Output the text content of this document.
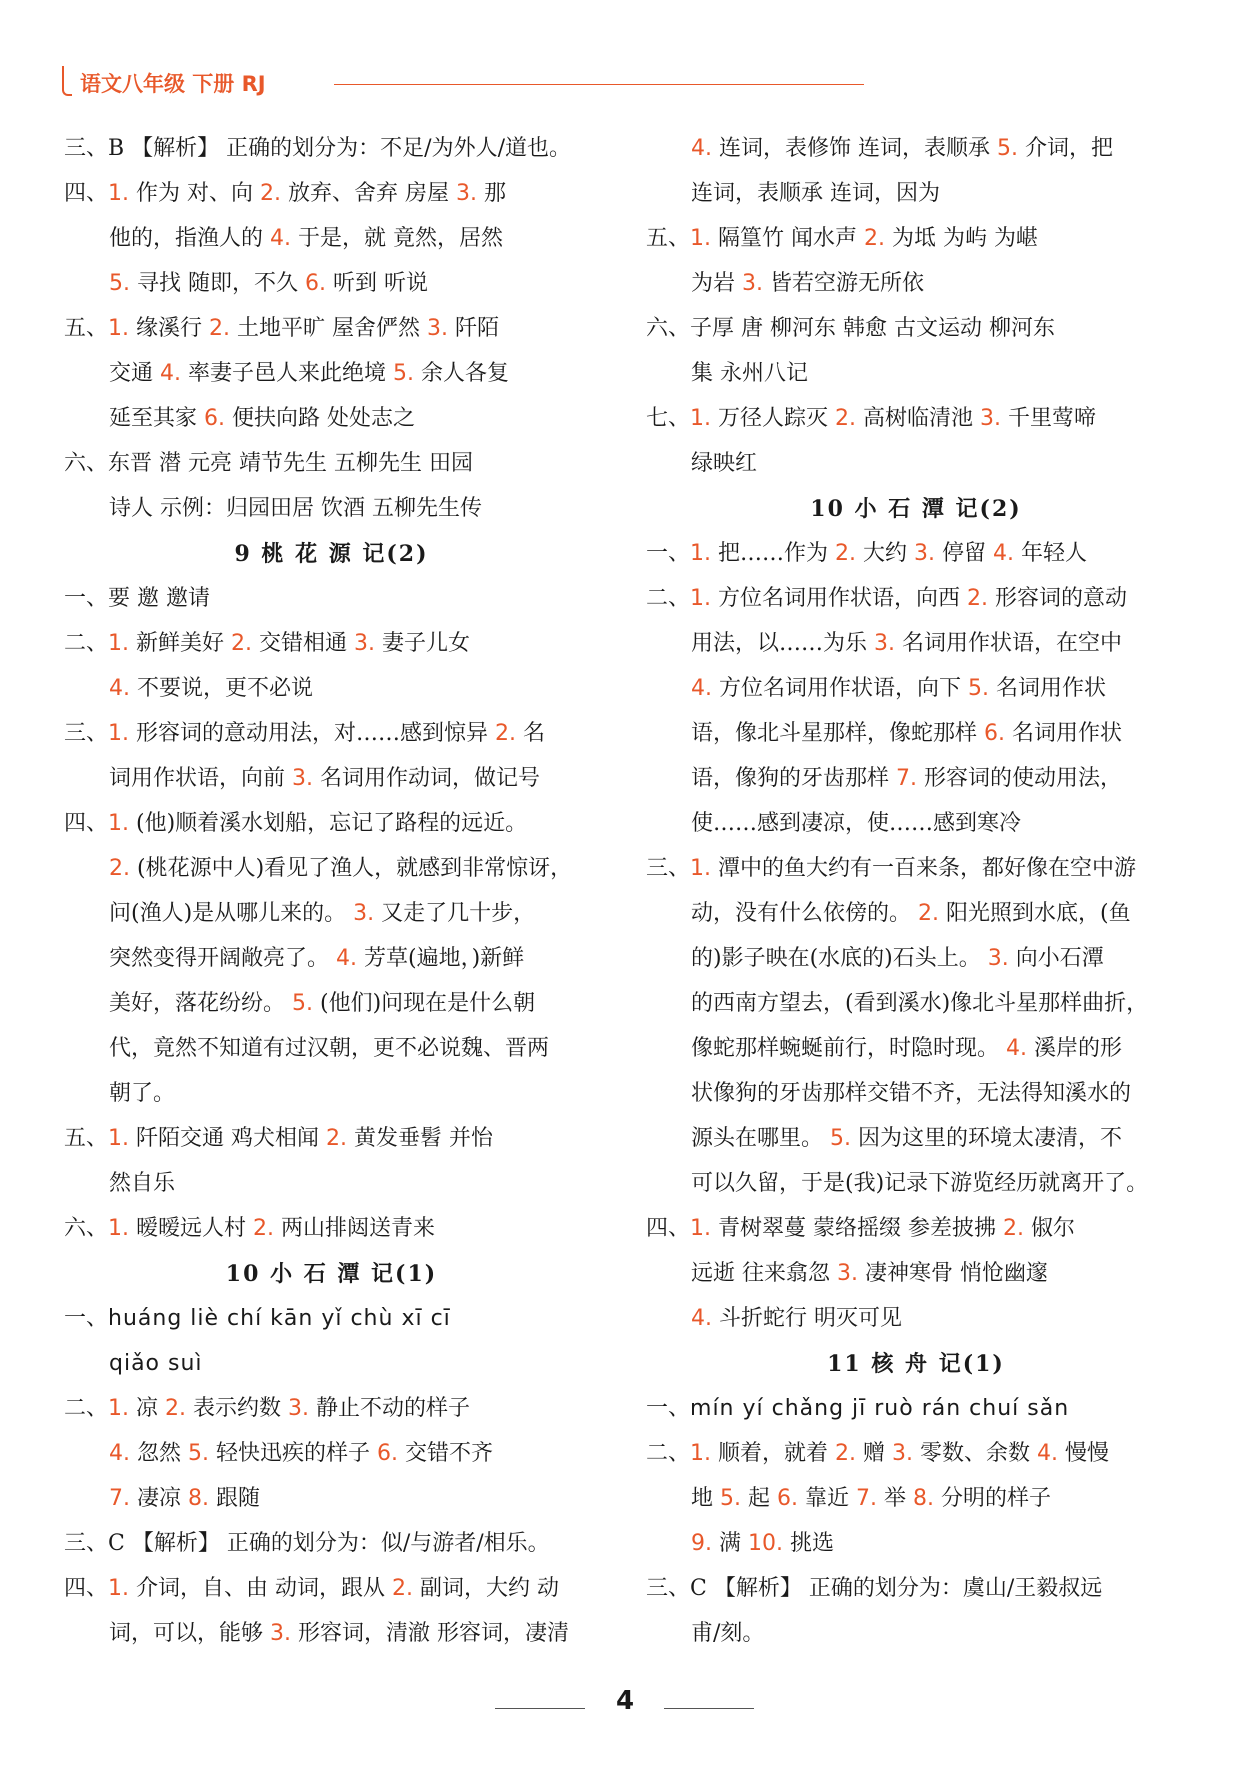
语文八年级 下册 RJ
三、B 【解析】 正确的划分为：不足/为外人/道也。
四、1. 作为 对、向 2. 放弃、舍弃 房屋 3. 那
他的，指渔人的 4. 于是，就 竟然，居然
5. 寻找 随即，不久 6. 听到 听说
五、1. 缘溪行 2. 土地平旷 屋舍俨然 3. 阡陌
交通 4. 率妻子邑人来此绝境 5. 余人各复
延至其家 6. 便扶向路 处处志之
六、东晋 潜 元亮 靖节先生 五柳先生 田园
诗人 示例：归园田居 饮酒 五柳先生传
9 桃 花 源 记(2)
一、要 邀 邀请
二、1. 新鲜美好 2. 交错相通 3. 妻子儿女
4. 不要说，更不必说
三、1. 形容词的意动用法，对……感到惊异 2. 名
词用作状语，向前 3. 名词用作动词，做记号
四、1. (他)顺着溪水划船，忘记了路程的远近。
2. (桃花源中人)看见了渔人，就感到非常惊讶，
问(渔人)是从哪儿来的。 3. 又走了几十步，
突然变得开阔敞亮了。 4. 芳草(遍地，)新鲜
美好，落花纷纷。 5. (他们)问现在是什么朝
代，竟然不知道有过汉朝，更不必说魏、晋两
朝了。
五、1. 阡陌交通 鸡犬相闻 2. 黄发垂髫 并怡
然自乐
六、1. 暧暧远人村 2. 两山排闼送青来
10 小 石 潭 记(1)
一、huáng liè chí kān yǐ chù xī cī
qiǎo suì
二、1. 凉 2. 表示约数 3. 静止不动的样子
4. 忽然 5. 轻快迅疾的样子 6. 交错不齐
7. 凄凉 8. 跟随
三、C 【解析】 正确的划分为：似/与游者/相乐。
四、1. 介词，自、由 动词，跟从 2. 副词，大约 动
词，可以，能够 3. 形容词，清澈 形容词，凄清
4. 连词，表修饰 连词，表顺承 5. 介词，把
连词，表顺承 连词，因为
五、1. 隔篁竹 闻水声 2. 为坻 为屿 为嵁
为岩 3. 皆若空游无所依
六、子厚 唐 柳河东 韩愈 古文运动 柳河东
集 永州八记
七、1. 万径人踪灭 2. 高树临清池 3. 千里莺啼
绿映红
10 小 石 潭 记(2)
一、1. 把……作为 2. 大约 3. 停留 4. 年轻人
二、1. 方位名词用作状语，向西 2. 形容词的意动
用法，以……为乐 3. 名词用作状语，在空中
4. 方位名词用作状语，向下 5. 名词用作状
语，像北斗星那样，像蛇那样 6. 名词用作状
语，像狗的牙齿那样 7. 形容词的使动用法，
使……感到凄凉，使……感到寒冷
三、1. 潭中的鱼大约有一百来条，都好像在空中游
动，没有什么依傍的。 2. 阳光照到水底，(鱼
的)影子映在(水底的)石头上。 3. 向小石潭
的西南方望去，(看到溪水)像北斗星那样曲折，
像蛇那样蜿蜒前行，时隐时现。 4. 溪岸的形
状像狗的牙齿那样交错不齐，无法得知溪水的
源头在哪里。 5. 因为这里的环境太凄清，不
可以久留，于是(我)记录下游览经历就离开了。
四、1. 青树翠蔓 蒙络摇缀 参差披拂 2. 俶尔
远逝 往来翕忽 3. 凄神寒骨 悄怆幽邃
4. 斗折蛇行 明灭可见
11 核 舟 记(1)
一、mín yí chǎng jī ruò rán chuí sǎn
二、1. 顺着，就着 2. 赠 3. 零数、余数 4. 慢慢
地 5. 起 6. 靠近 7. 举 8. 分明的样子
9. 满 10. 挑选
三、C 【解析】 正确的划分为：虞山/王毅叔远
甫/刻。
4
